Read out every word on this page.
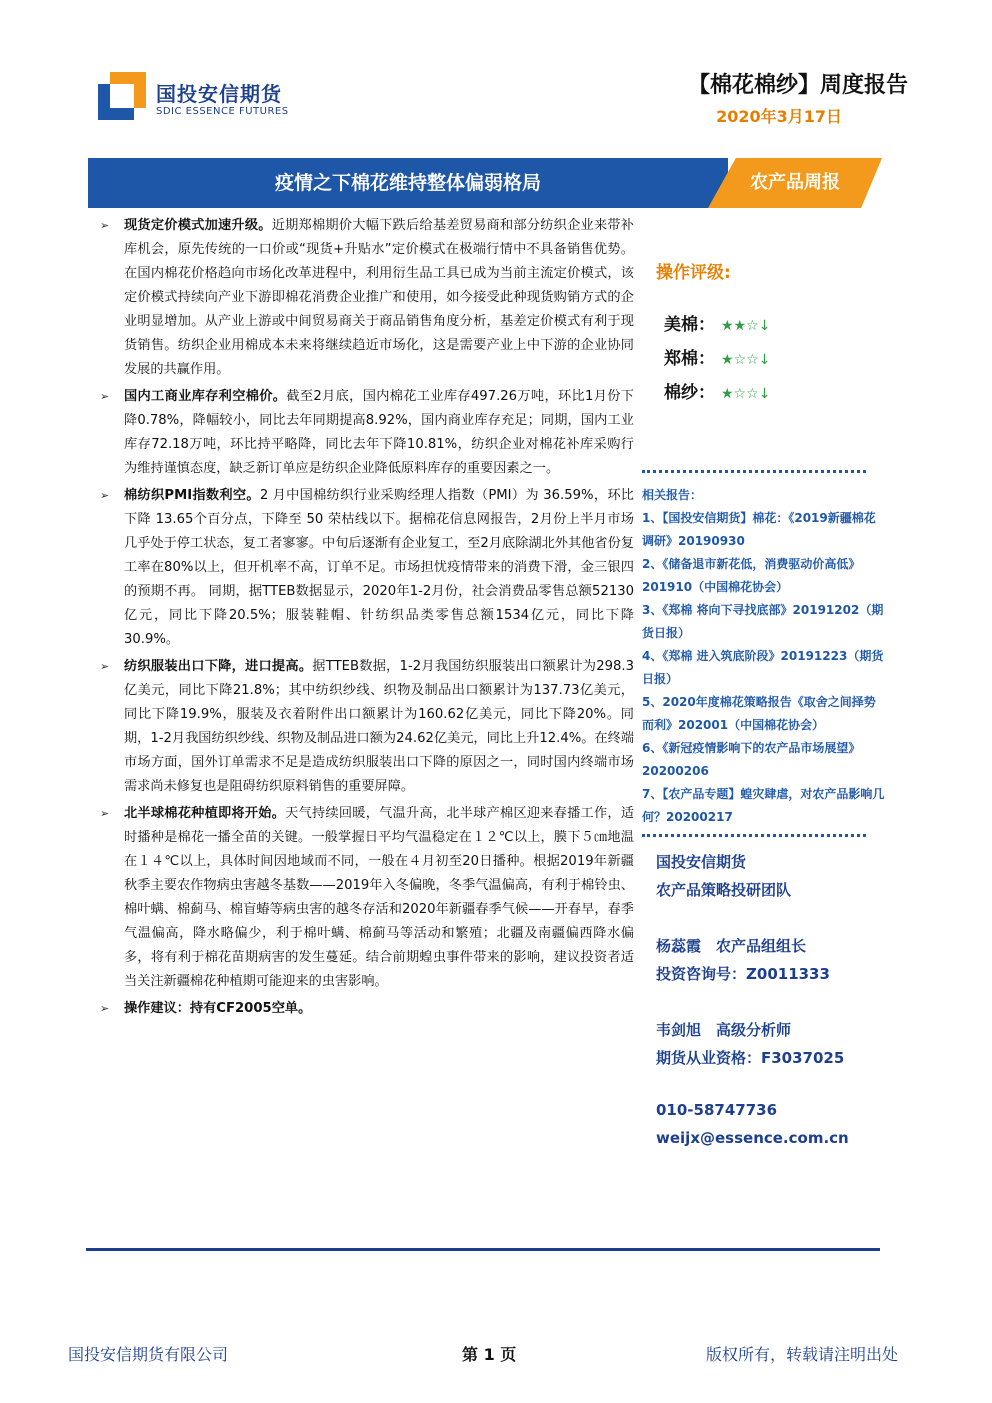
国投安信期货
SDIC ESSENCE FUTURES
【棉花棉纱】周度报告
2020年3月17日
疫情之下棉花维持整体偏弱格局	农产品周报
➢ 现货定价模式加速升级。近期郑棉期价大幅下跌后给基差贸易商和部分纺织企业来带补库机会，原先传统的一口价或“现货+升贴水”定价模式在极端行情中不具备销售优势。在国内棉花价格趋向市场化改革进程中，利用衍生品工具已成为当前主流定价模式，该定价模式持续向产业下游即棉花消费企业推广和使用，如今接受此种现货购销方式的企业明显增加。从产业上游或中间贸易商关于商品销售角度分析，基差定价模式有利于现货销售。纺织企业用棉成本未来将继续趋近市场化，这是需要产业上中下游的企业协同发展的共赢作用。
➢ 国内工商业库存利空棉价。截至2月底，国内棉花工业库存497.26万吨，环比1月份下降0.78%，降幅较小，同比去年同期提高8.92%，国内商业库存充足；同期，国内工业库存72.18万吨，环比持平略降，同比去年下降10.81%，纺织企业对棉花补库采购行为维持谨慎态度，缺乏新订单应是纺织企业降低原料库存的重要因素之一。
➢ 棉纺织PMI指数利空。2 月中国棉纺织行业采购经理人指数（PMI）为 36.59%，环比下降 13.65个百分点，下降至 50 荣枯线以下。据棉花信息网报告，2月份上半月市场几乎处于停工状态，复工者寥寥。中旬后逐渐有企业复工，至2月底除湖北外其他省份复工率在80%以上，但开机率不高，订单不足。市场担忧疫情带来的消费下滑，金三银四的预期不再。 同期，据TTEB数据显示，2020年1-2月份，社会消费品零售总额52130亿元，同比下降20.5%；服装鞋帽、针纺织品类零售总额1534亿元，同比下降30.9%。
➢ 纺织服装出口下降，进口提高。据TTEB数据，1-2月我国纺织服装出口额累计为298.3亿美元，同比下降21.8%；其中纺织纱线、织物及制品出口额累计为137.73亿美元，同比下降19.9%，服装及衣着附件出口额累计为160.62亿美元，同比下降20%。同期，1-2月我国纺织纱线、织物及制品进口额为24.62亿美元，同比上升12.4%。在终端市场方面，国外订单需求不足是造成纺织服装出口下降的原因之一，同时国内终端市场需求尚未修复也是阻碍纺织原料销售的重要屏障。
➢ 北半球棉花种植即将开始。天气持续回暖，气温升高，北半球产棉区迎来春播工作，适时播种是棉花一播全苗的关键。一般掌握日平均气温稳定在１２℃以上，膜下５㎝地温在１４℃以上，具体时间因地域而不同，一般在４月初至20日播种。根据2019年新疆秋季主要农作物病虫害越冬基数——2019年入冬偏晚，冬季气温偏高，有利于棉铃虫、棉叶螨、棉蓟马、棉盲蝽等病虫害的越冬存活和2020年新疆春季气候——开春早，春季气温偏高，降水略偏少，利于棉叶螨、棉蓟马等活动和繁殖；北疆及南疆偏西降水偏多，将有利于棉花苗期病害的发生蔓延。结合前期蝗虫事件带来的影响，建议投资者适当关注新疆棉花种植期可能迎来的虫害影响。
➢ 操作建议：持有CF2005空单。
操作评级:
美棉： ★★☆↓
郑棉： ★☆☆↓
棉纱： ★☆☆↓
相关报告：
1、【国投安信期货】棉花：《2019新疆棉花调研》20190930
2、《储备退市新花低，消费驱动价高低》201910（中国棉花协会）
3、《郑棉 将向下寻找底部》20191202（期货日报）
4、《郑棉 进入筑底阶段》20191223（期货日报）
5、2020年度棉花策略报告《取舍之间择势而利》202001（中国棉花协会）
6、《新冠疫情影响下的农产品市场展望》20200206
7、【农产品专题】蝗灾肆虐，对农产品影响几何？20200217
国投安信期货
农产品策略投研团队
杨蕊霞　农产品组组长
投资咨询号：Z0011333
韦剑旭　高级分析师
期货从业资格：F3037025
010-58747736
weijx@essence.com.cn
国投安信期货有限公司	第 1 页	版权所有，转载请注明出处
